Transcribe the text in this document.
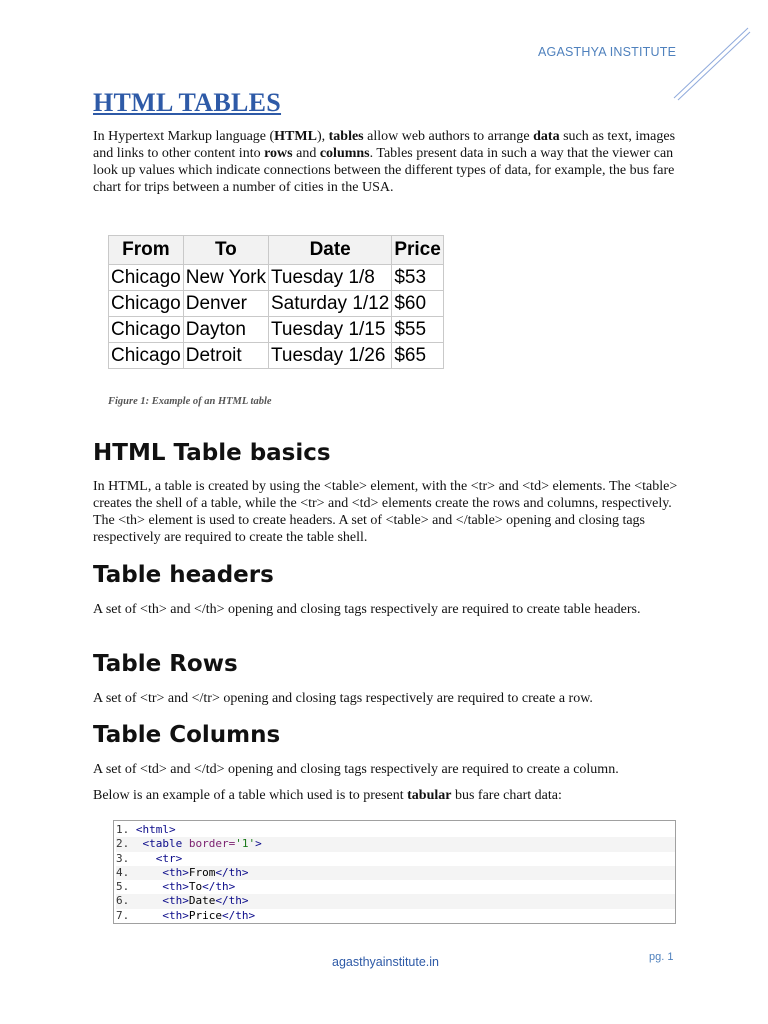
AGASTHYA INSTITUTE
HTML TABLES

In Hypertext Markup language (HTML), tables allow web authors to arrange data such as text, images and links to other content into rows and columns. Tables present data in such a way that the viewer can look up values which indicate connections between the different types of data, for example, the bus fare chart for trips between a number of cities in the USA.

From	To	Date	Price
Chicago	New York	Tuesday 1/8	$53
Chicago	Denver	Saturday 1/12	$60
Chicago	Dayton	Tuesday 1/15	$55
Chicago	Detroit	Tuesday 1/26	$65

Figure 1: Example of an HTML table

HTML Table basics

In HTML, a table is created by using the <table> element, with the <tr> and <td> elements. The <table> creates the shell of a table, while the <tr> and <td> elements create the rows and columns, respectively. The <th> element is used to create headers. A set of <table> and </table> opening and closing tags respectively are required to create the table shell.

Table headers

A set of <th> and </th> opening and closing tags respectively are required to create table headers.

Table Rows

A set of <tr> and </tr> opening and closing tags respectively are required to create a row.

Table Columns

A set of <td> and </td> opening and closing tags respectively are required to create a column.

Below is an example of a table which used is to present tabular bus fare chart data:

1. <html>
2. <table border='1'>
3. <tr>
4.	<th>From</th>
5.	<th>To</th>
6.	<th>Date</th>
7.	<th>Price</th>
agasthyainstitute.in	pg. 1
